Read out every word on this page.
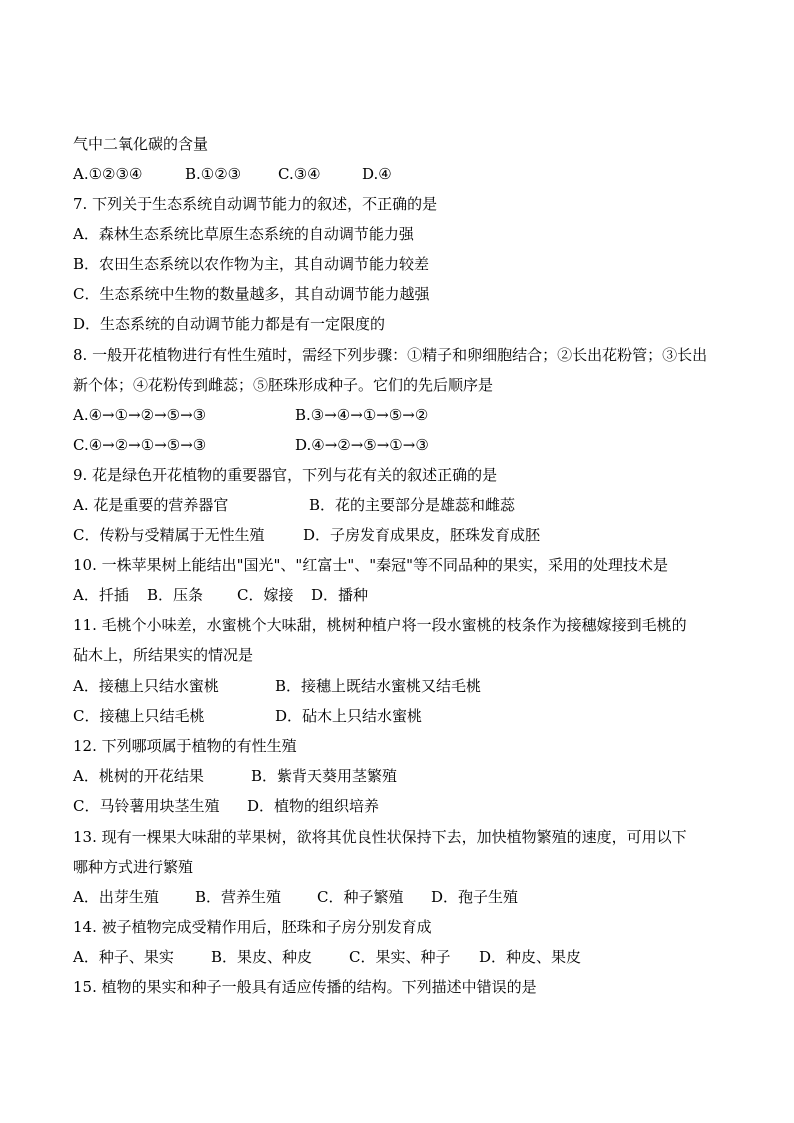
气中二氧化碳的含量
A.①②③④	B.①②③ C.③④	D.④
7. 下列关于生态系统自动调节能力的叙述，不正确的是
A．森林生态系统比草原生态系统的自动调节能力强
B．农田生态系统以农作物为主，其自动调节能力较差
C．生态系统中生物的数量越多，其自动调节能力越强
D．生态系统的自动调节能力都是有一定限度的
8. 一般开花植物进行有性生殖时，需经下列步骤：①精子和卵细胞结合；②长出花粉管；③长出
新个体；④花粉传到雌蕊；⑤胚珠形成种子。它们的先后顺序是
A.④→①→②→⑤→③	B.③→④→①→⑤→②
C.④→②→①→⑤→③	D.④→②→⑤→①→③
9. 花是绿色开花植物的重要器官，下列与花有关的叙述正确的是
A. 花是重要的营养器官	B．花的主要部分是雄蕊和雌蕊
C．传粉与受精属于无性生殖	D．子房发育成果皮，胚珠发育成胚
10. 一株苹果树上能结出"国光"、"红富士"、"秦冠"等不同品种的果实，采用的处理技术是
A．扦插 B．压条 C．嫁接 D．播种
11. 毛桃个小味差，水蜜桃个大味甜，桃树种植户将一段水蜜桃的枝条作为接穗嫁接到毛桃的
砧木上，所结果实的情况是
A．接穗上只结水蜜桃	B．接穗上既结水蜜桃又结毛桃
C．接穗上只结毛桃	D．砧木上只结水蜜桃
12. 下列哪项属于植物的有性生殖
A．桃树的开花结果	B．紫背天葵用茎繁殖
C．马铃薯用块茎生殖 D．植物的组织培养
13. 现有一棵果大味甜的苹果树，欲将其优良性状保持下去，加快植物繁殖的速度，可用以下
哪种方式进行繁殖
A．出芽生殖 B．营养生殖 C．种子繁殖 D．孢子生殖
14. 被子植物完成受精作用后，胚珠和子房分别发育成
A．种子、果实 B．果皮、种皮 C．果实、种子 D．种皮、果皮
15. 植物的果实和种子一般具有适应传播的结构。下列描述中错误的是
